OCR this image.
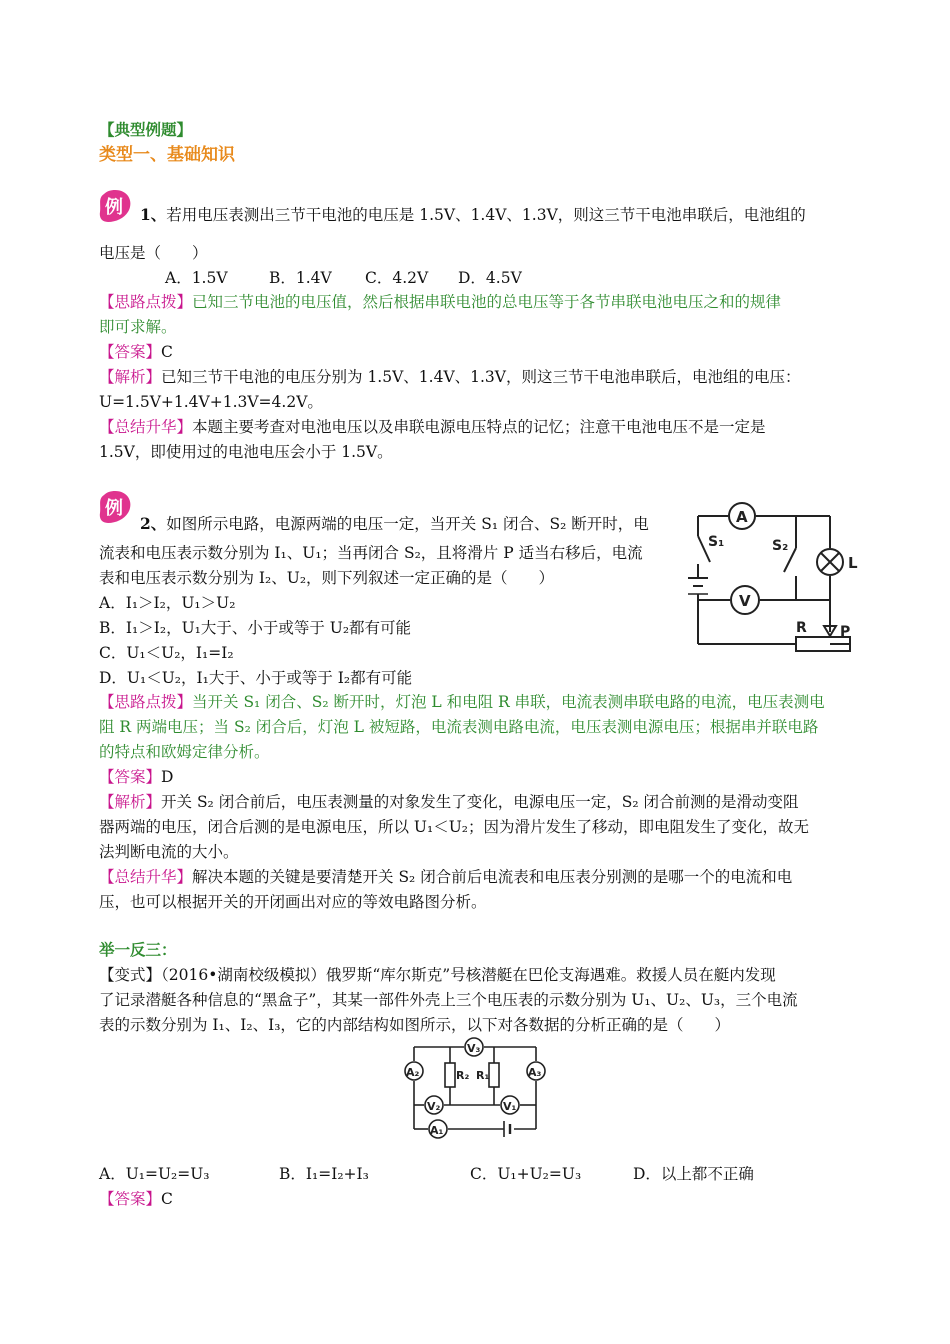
【典型例题】
类型一、基础知识
例 1、若用电压表测出三节干电池的电压是 1.5V、1.4V、1.3V，则这三节干电池串联后，电池组的
电压是（　　）
A．1.5V	B．1.4V C．4.2V D．4.5V
【思路点拨】已知三节电池的电压值，然后根据串联电池的总电压等于各节串联电池电压之和的规律
即可求解。
【答案】C
【解析】已知三节干电池的电压分别为 1.5V、1.4V、1.3V，则这三节干电池串联后，电池组的电压：
U=1.5V+1.4V+1.3V=4.2V。
【总结升华】本题主要考查对电池电压以及串联电源电压特点的记忆；注意干电池电压不是一定是
1.5V，即使用过的电池电压会小于 1.5V。
例
2、如图所示电路，电源两端的电压一定，当开关 S₁ 闭合、S₂ 断开时，电
流表和电压表示数分别为 I₁、U₁；当再闭合 S₂，且将滑片 P 适当右移后，电流
表和电压表示数分别为 I₂、U₂，则下列叙述一定正确的是（　　）
A．I₁＞I₂，U₁＞U₂
B．I₁＞I₂，U₁大于、小于或等于 U₂都有可能
C．U₁＜U₂，I₁=I₂
D．U₁＜U₂，I₁大于、小于或等于 I₂都有可能
A
V
S₁	S₂
L
R P
【思路点拨】当开关 S₁ 闭合、S₂ 断开时，灯泡 L 和电阻 R 串联，电流表测串联电路的电流，电压表测电
阻 R 两端电压；当 S₂ 闭合后，灯泡 L 被短路，电流表测电路电流，电压表测电源电压；根据串并联电路
的特点和欧姆定律分析。
【答案】D
【解析】开关 S₂ 闭合前后，电压表测量的对象发生了变化，电源电压一定，S₂ 闭合前测的是滑动变阻
器两端的电压，闭合后测的是电源电压，所以 U₁＜U₂；因为滑片发生了移动，即电阻发生了变化，故无
法判断电流的大小。
【总结升华】解决本题的关键是要清楚开关 S₂ 闭合前后电流表和电压表分别测的是哪一个的电流和电
压，也可以根据开关的开闭画出对应的等效电路图分析。
举一反三：
【变式】（2016•湖南校级模拟）俄罗斯“库尔斯克”号核潜艇在巴伦支海遇难。救援人员在艇内发现
了记录潜艇各种信息的“黑盒子”，其某一部件外壳上三个电压表的示数分别为 U₁、U₂、U₃，三个电流
表的示数分别为 I₁、I₂、I₃，它的内部结构如图所示，以下对各数据的分析正确的是（　　）
V₃
A₂	A₃
V₂	V₁
A₁
R₂ R₁
A．U₁=U₂=U₃	B．I₁=I₂+I₃	C．U₁+U₂=U₃	D．以上都不正确
【答案】C
